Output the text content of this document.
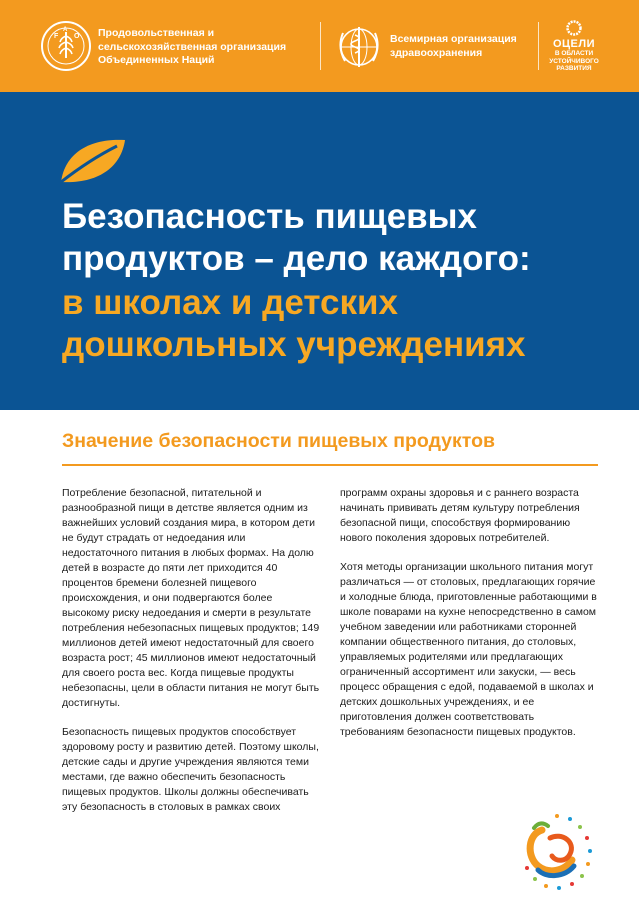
F
A
O Продовольственная и сельскохозяйственная организация Объединенных Наций
Всемирная организация здравоохранения
ОЦЕЛИ
В ОБЛАСТИ УСТОЙЧИВОГО РАЗВИТИЯ
Безопасность пищевых продуктов – дело каждого:
в школах и детских дошкольных учреждениях
Значение безопасности пищевых продуктов

Потребление безопасной, питательной и разнообразной пищи в детстве является одним из важнейших условий создания мира, в котором дети не будут страдать от недоедания или недостаточного питания в любых формах. На долю детей в возрасте до пяти лет приходится 40 процентов бремени болезней пищевого происхождения, и они подвергаются более высокому риску недоедания и смерти в результате потребления небезопасных пищевых продуктов; 149 миллионов детей имеют недостаточный для своего возраста рост; 45 миллионов имеют недостаточный для своего роста вес. Когда пищевые продукты небезопасны, цели в области питания не могут быть достигнуты.

Безопасность пищевых продуктов способствует здоровому росту и развитию детей. Поэтому школы, детские сады и другие учреждения являются теми местами, где важно обеспечить безопасность пищевых продуктов. Школы должны обеспечивать эту безопасность в столовых в рамках своих

программ охраны здоровья и с раннего возраста начинать прививать детям культуру потребления безопасной пищи, способствуя формированию нового поколения здоровых потребителей.

Хотя методы организации школьного питания могут различаться — от столовых, предлагающих горячие и холодные блюда, приготовленные работающими в школе поварами на кухне непосредственно в самом учебном заведении или работниками сторонней компании общественного питания, до столовых, управляемых родителями или предлагающих ограниченный ассортимент или закуски, — весь процесс обращения с едой, подаваемой в школах и детских дошкольных учреждениях, и ее приготовления должен соответствовать требованиям безопасности пищевых продуктов.
